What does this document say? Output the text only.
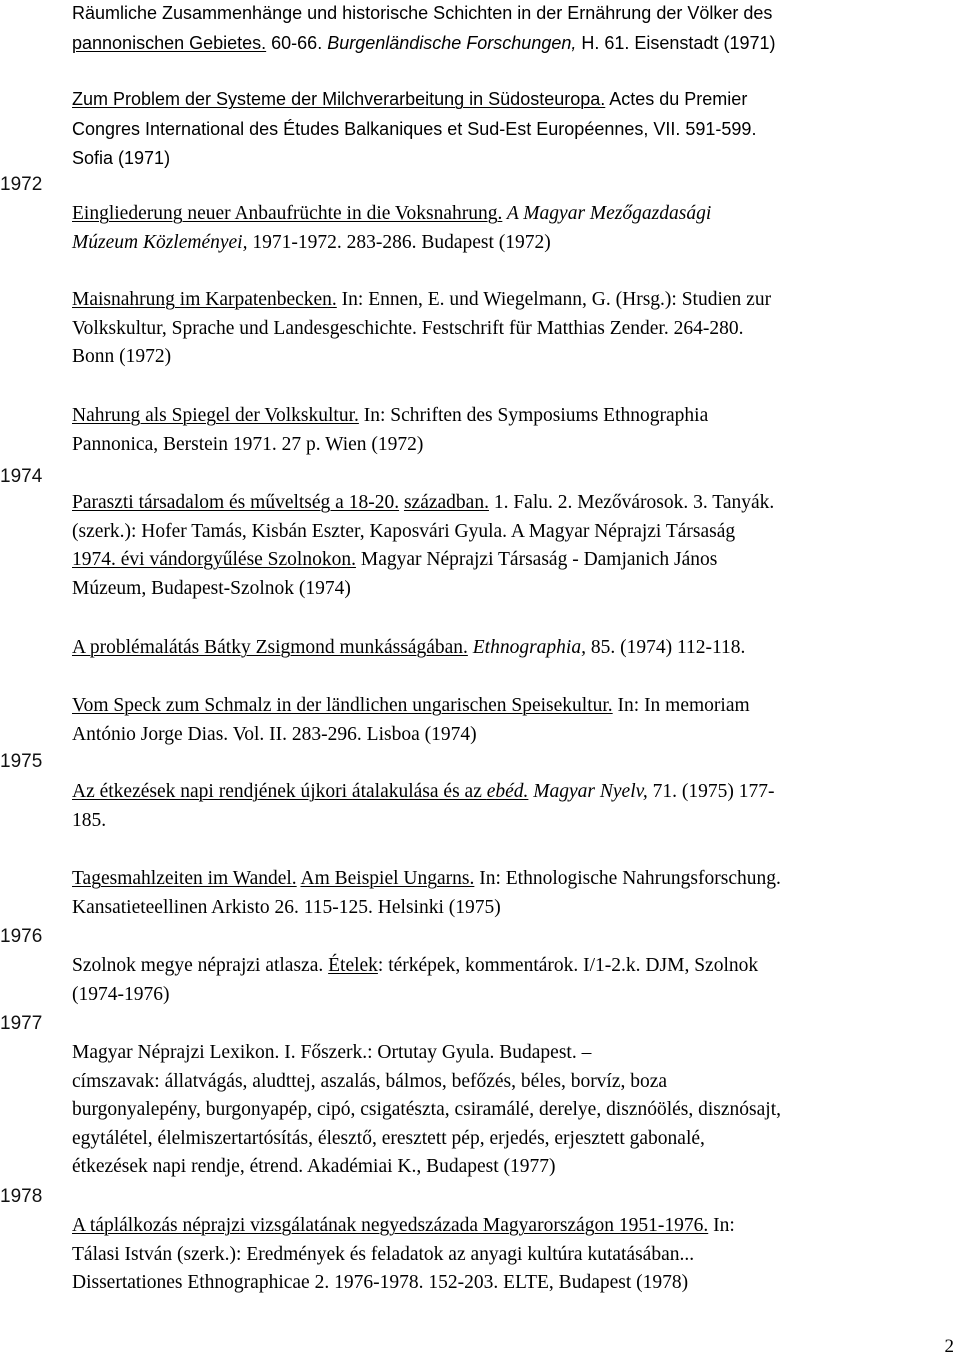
1972
1974
1975
1976
1977
1978

Räumliche Zusammenhänge und historische Schichten in der Ernährung der Völker des
pannonischen Gebietes. 60-66. Burgenländische Forschungen, H. 61. Eisenstadt (1971)

Zum Problem der Systeme der Milchverarbeitung in Südosteuropa. Actes du Premier
Congres International des Études Balkaniques et Sud-Est Européennes, VII. 591-599.
Sofia (1971)

Eingliederung neuer Anbaufrüchte in die Voksnahrung. A Magyar Mezőgazdasági
Múzeum Közleményei, 1971-1972. 283-286. Budapest (1972)

Maisnahrung im Karpatenbecken. In: Ennen, E. und Wiegelmann, G. (Hrsg.): Studien zur
Volkskultur, Sprache und Landesgeschichte. Festschrift für Matthias Zender. 264-280.
Bonn (1972)

Nahrung als Spiegel der Volkskultur. In: Schriften des Symposiums Ethnographia
Pannonica, Berstein 1971. 27 p. Wien (1972)

Paraszti társadalom és műveltség a 18-20. században. 1. Falu. 2. Mezővárosok. 3. Tanyák.
(szerk.): Hofer Tamás, Kisbán Eszter, Kaposvári Gyula. A Magyar Néprajzi Társaság
1974. évi vándorgyűlése Szolnokon. Magyar Néprajzi Társaság - Damjanich János
Múzeum, Budapest-Szolnok (1974)

A problémalátás Bátky Zsigmond munkásságában. Ethnographia, 85. (1974) 112-118.

Vom Speck zum Schmalz in der ländlichen ungarischen Speisekultur. In: In memoriam
António Jorge Dias. Vol. II. 283-296. Lisboa (1974)

Az étkezések napi rendjének újkori átalakulása és az ebéd. Magyar Nyelv, 71. (1975) 177-
185.

Tagesmahlzeiten im Wandel. Am Beispiel Ungarns. In: Ethnologische Nahrungsforschung.
Kansatieteellinen Arkisto 26. 115-125. Helsinki (1975)

Szolnok megye néprajzi atlasza. Ételek: térképek, kommentárok. I/1-2.k. DJM, Szolnok
(1974-1976)

Magyar Néprajzi Lexikon. I. Főszerk.: Ortutay Gyula. Budapest. –
címszavak: állatvágás, aludttej, aszalás, bálmos, befőzés, béles, borvíz, boza
burgonyalepény, burgonyapép, cipó, csigatészta, csiramálé, derelye, disznóölés, disznósajt,
egytálétel, élelmiszertartósítás, élesztő, eresztett pép, erjedés, erjesztett gabonalé,
étkezések napi rendje, étrend. Akadémiai K., Budapest (1977)

A táplálkozás néprajzi vizsgálatának negyedszázada Magyarországon 1951-1976. In:
Tálasi István (szerk.): Eredmények és feladatok az anyagi kultúra kutatásában...
Dissertationes Ethnographicae 2. 1976-1978. 152-203. ELTE, Budapest (1978)

2
